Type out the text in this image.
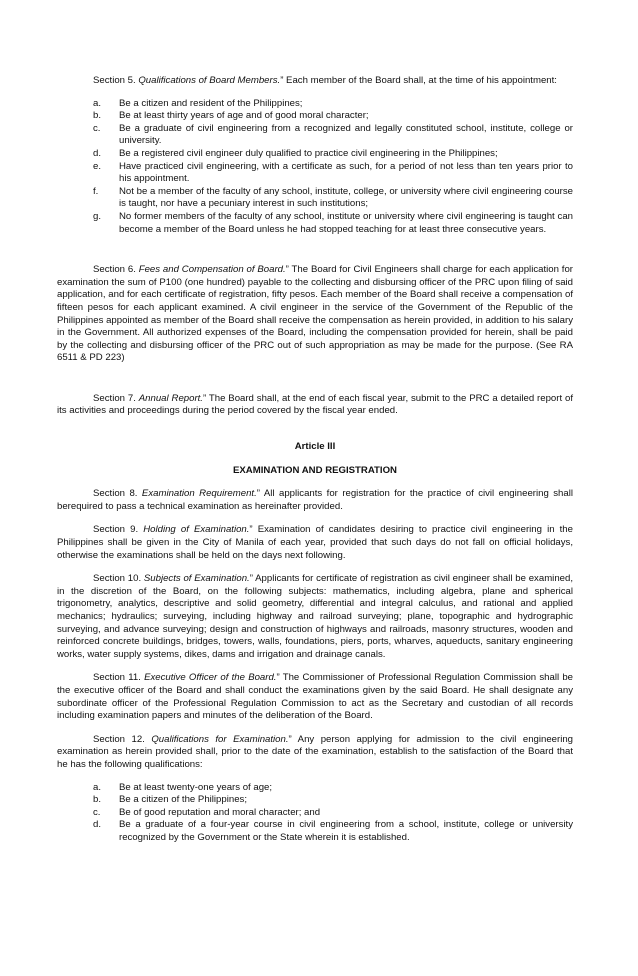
Section 5. Qualifications of Board Members.” Each member of the Board shall, at the time of his appointment:

a.	Be a citizen and resident of the Philippines;
b.	Be at least thirty years of age and of good moral character;
c.	Be a graduate of civil engineering from a recognized and legally constituted school, institute, college or university.
d.	Be a registered civil engineer duly qualified to practice civil engineering in the Philippines;
e.	Have practiced civil engineering, with a certificate as such, for a period of not less than ten years prior to his appointment.
f.	Not be a member of the faculty of any school, institute, college, or university where civil engineering course is taught, nor have a pecuniary interest in such institutions;
g.	No former members of the faculty of any school, institute or university where civil engineering is taught can become a member of the Board unless he had stopped teaching for at least three consecutive years.

Section 6. Fees and Compensation of Board.” The Board for Civil Engineers shall charge for each application for examination the sum of P100 (one hundred) payable to the collecting and disbursing officer of the PRC upon filing of said application, and for each certificate of registration, fifty pesos. Each member of the Board shall receive a compensation of fifteen pesos for each applicant examined. A civil engineer in the service of the Government of the Republic of the Philippines appointed as member of the Board shall receive the compensation as herein provided, in addition to his salary in the Government. All authorized expenses of the Board, including the compensation provided for herein, shall be paid by the collecting and disbursing officer of the PRC out of such appropriation as may be made for the purpose. (See RA 6511 & PD 223)

Section 7. Annual Report.” The Board shall, at the end of each fiscal year, submit to the PRC a detailed report of its activities and proceedings during the period covered by the fiscal year ended.

Article III

EXAMINATION AND REGISTRATION

Section 8. Examination Requirement.” All applicants for registration for the practice of civil engineering shall berequired to pass a technical examination as hereinafter provided.

Section 9. Holding of Examination.” Examination of candidates desiring to practice civil engineering in the Philippines shall be given in the City of Manila of each year, provided that such days do not fall on official holidays, otherwise the examinations shall be held on the days next following.

Section 10. Subjects of Examination.” Applicants for certificate of registration as civil engineer shall be examined, in the discretion of the Board, on the following subjects: mathematics, including algebra, plane and spherical trigonometry, analytics, descriptive and solid geometry, differential and integral calculus, and rational and applied mechanics; hydraulics; surveying, including highway and railroad surveying; plane, topographic and hydrographic surveying, and advance surveying; design and construction of highways and railroads, masonry structures, wooden and reinforced concrete buildings, bridges, towers, walls, foundations, piers, ports, wharves, aqueducts, sanitary engineering works, water supply systems, dikes, dams and irrigation and drainage canals.

Section 11. Executive Officer of the Board.” The Commissioner of Professional Regulation Commission shall be the executive officer of the Board and shall conduct the examinations given by the said Board. He shall designate any subordinate officer of the Professional Regulation Commission to act as the Secretary and custodian of all records including examination papers and minutes of the deliberation of the Board.

Section 12. Qualifications for Examination.” Any person applying for admission to the civil engineering examination as herein provided shall, prior to the date of the examination, establish to the satisfaction of the Board that he has the following qualifications:

a.	Be at least twenty-one years of age;
b.	Be a citizen of the Philippines;
c.	Be of good reputation and moral character; and
d.	Be a graduate of a four-year course in civil engineering from a school, institute, college or university recognized by the Government or the State wherein it is established.
